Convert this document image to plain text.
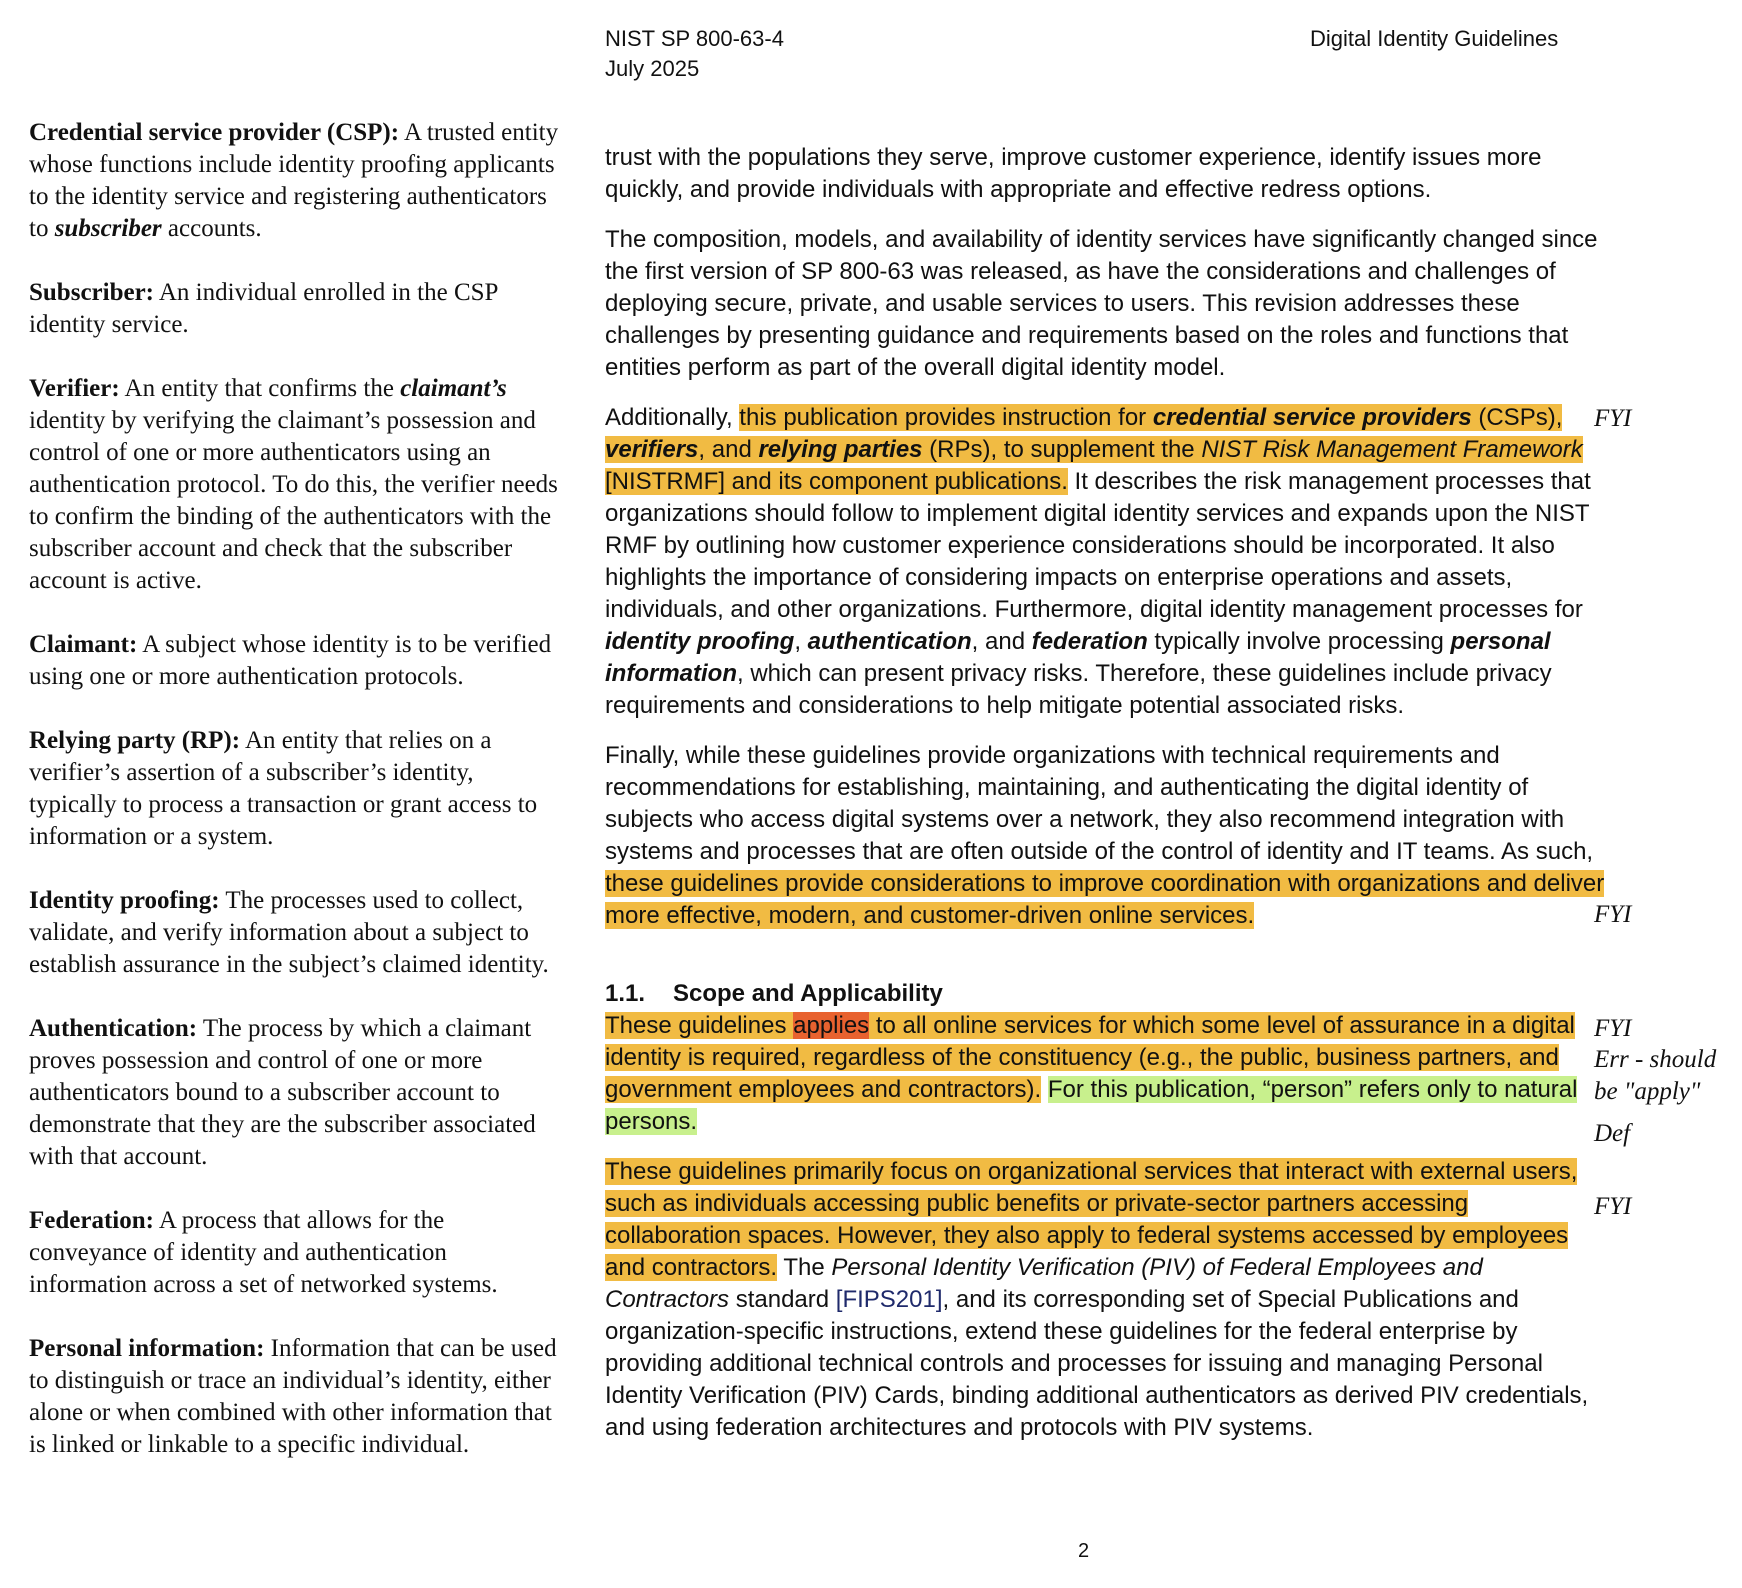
NIST SP 800-63-4
July 2025
Digital Identity Guidelines
Credential service provider (CSP): A trusted entity whose functions include identity proofing applicants to the identity service and registering authenticators to subscriber accounts.
Subscriber: An individual enrolled in the CSP identity service.
Verifier: An entity that confirms the claimant’s identity by verifying the claimant’s possession and control of one or more authenticators using an authentication protocol. To do this, the verifier needs to confirm the binding of the authenticators with the subscriber account and check that the subscriber account is active.
Claimant: A subject whose identity is to be verified using one or more authentication protocols.
Relying party (RP): An entity that relies on a verifier’s assertion of a subscriber’s identity, typically to process a transaction or grant access to information or a system.
Identity proofing: The processes used to collect, validate, and verify information about a subject to establish assurance in the subject’s claimed identity.
Authentication: The process by which a claimant proves possession and control of one or more authenticators bound to a subscriber account to demonstrate that they are the subscriber associated with that account.
Federation: A process that allows for the conveyance of identity and authentication information across a set of networked systems.
Personal information: Information that can be used to distinguish or trace an individual’s identity, either alone or when combined with other information that is linked or linkable to a specific individual.

trust with the populations they serve, improve customer experience, identify issues more quickly, and provide individuals with appropriate and effective redress options.

The composition, models, and availability of identity services have significantly changed since the first version of SP 800-63 was released, as have the considerations and challenges of deploying secure, private, and usable services to users. This revision addresses these challenges by presenting guidance and requirements based on the roles and functions that entities perform as part of the overall digital identity model.

Additionally, this publication provides instruction for credential service providers (CSPs), verifiers, and relying parties (RPs), to supplement the NIST Risk Management Framework [NISTRMF] and its component publications. It describes the risk management processes that organizations should follow to implement digital identity services and expands upon the NIST RMF by outlining how customer experience considerations should be incorporated. It also highlights the importance of considering impacts on enterprise operations and assets, individuals, and other organizations. Furthermore, digital identity management processes for identity proofing, authentication, and federation typically involve processing personal information, which can present privacy risks. Therefore, these guidelines include privacy requirements and considerations to help mitigate potential associated risks.

Finally, while these guidelines provide organizations with technical requirements and recommendations for establishing, maintaining, and authenticating the digital identity of subjects who access digital systems over a network, they also recommend integration with systems and processes that are often outside of the control of identity and IT teams. As such, these guidelines provide considerations to improve coordination with organizations and deliver more effective, modern, and customer-driven online services.

1.1. Scope and Applicability

These guidelines applies to all online services for which some level of assurance in a digital identity is required, regardless of the constituency (e.g., the public, business partners, and government employees and contractors). For this publication, “person” refers only to natural persons.

These guidelines primarily focus on organizational services that interact with external users, such as individuals accessing public benefits or private-sector partners accessing collaboration spaces. However, they also apply to federal systems accessed by employees and contractors. The Personal Identity Verification (PIV) of Federal Employees and Contractors standard [FIPS201], and its corresponding set of Special Publications and organization-specific instructions, extend these guidelines for the federal enterprise by providing additional technical controls and processes for issuing and managing Personal Identity Verification (PIV) Cards, binding additional authenticators as derived PIV credentials, and using federation architectures and protocols with PIV systems.

FYI
FYI
FYI
Err - should be "apply"
Def
FYI
2
